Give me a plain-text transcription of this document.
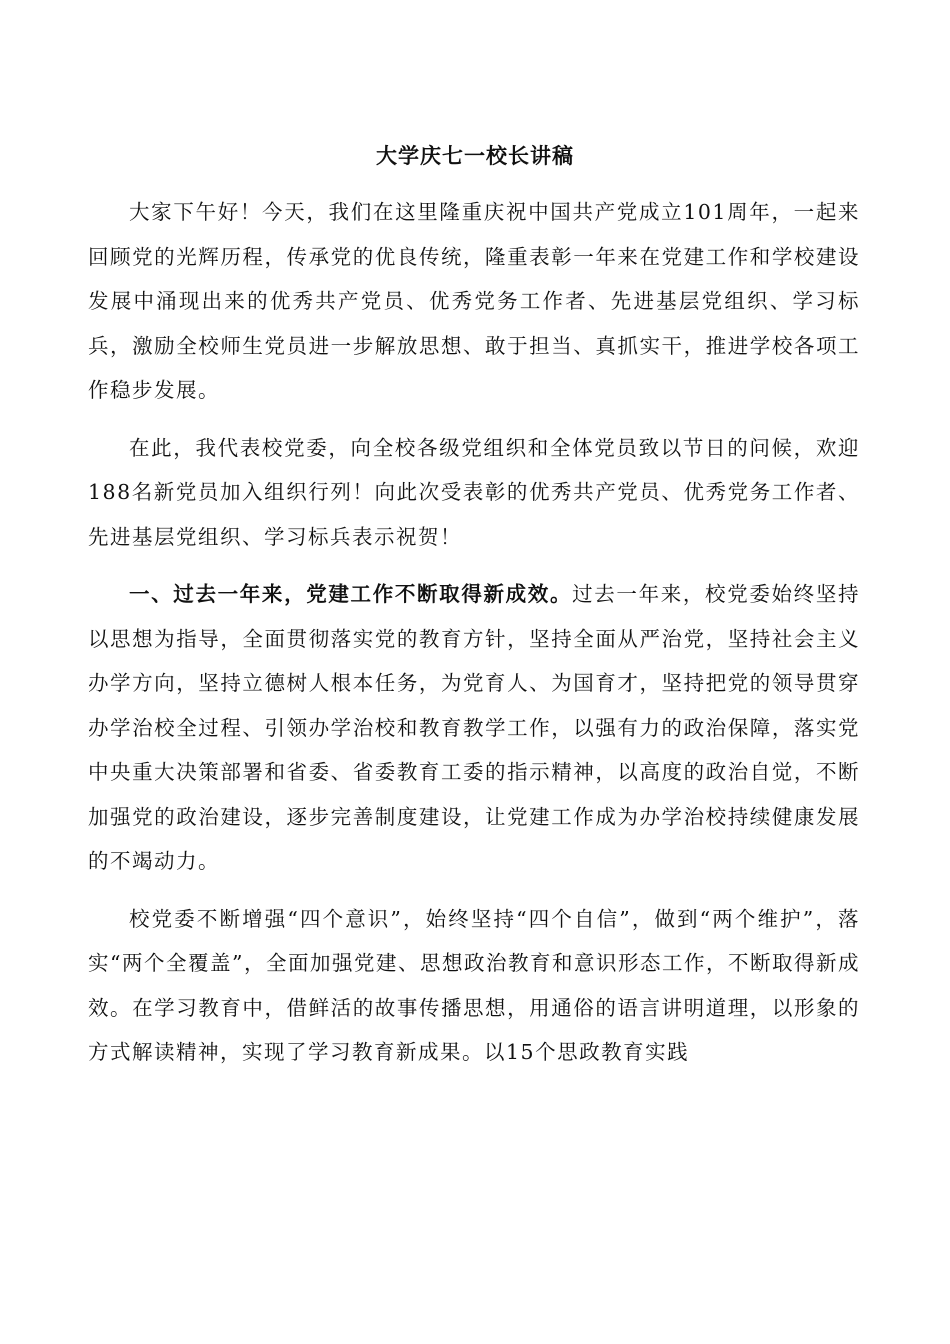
大学庆七一校长讲稿

大家下午好！今天，我们在这里隆重庆祝中国共产党成立101周年，一起来回顾党的光辉历程，传承党的优良传统，隆重表彰一年来在党建工作和学校建设发展中涌现出来的优秀共产党员、优秀党务工作者、先进基层党组织、学习标兵，激励全校师生党员进一步解放思想、敢于担当、真抓实干，推进学校各项工作稳步发展。

在此，我代表校党委，向全校各级党组织和全体党员致以节日的问候，欢迎188名新党员加入组织行列！向此次受表彰的优秀共产党员、优秀党务工作者、先进基层党组织、学习标兵表示祝贺！

一、过去一年来，党建工作不断取得新成效。过去一年来，校党委始终坚持以思想为指导，全面贯彻落实党的教育方针，坚持全面从严治党，坚持社会主义办学方向，坚持立德树人根本任务，为党育人、为国育才，坚持把党的领导贯穿办学治校全过程、引领办学治校和教育教学工作，以强有力的政治保障，落实党中央重大决策部署和省委、省委教育工委的指示精神，以高度的政治自觉，不断加强党的政治建设，逐步完善制度建设，让党建工作成为办学治校持续健康发展的不竭动力。

校党委不断增强“四个意识”，始终坚持“四个自信”，做到“两个维护”，落实“两个全覆盖”，全面加强党建、思想政治教育和意识形态工作，不断取得新成效。在学习教育中，借鲜活的故事传播思想，用通俗的语言讲明道理，以形象的方式解读精神，实现了学习教育新成果。以15个思政教育实践
